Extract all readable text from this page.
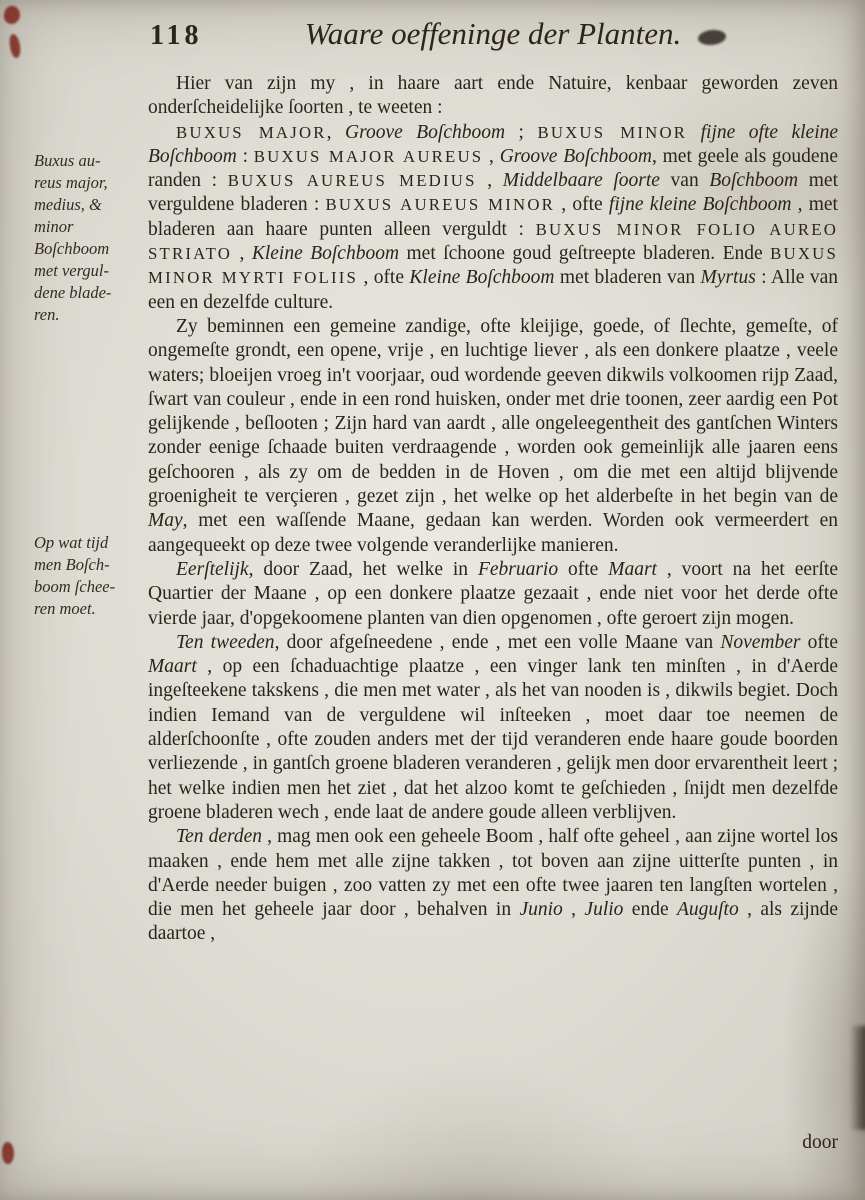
118	Waare oeffeninge der Planten.
Buxus au-
reus major,
medius, &
minor
Boſchboom
met vergul-
dene blade-
ren.
Op wat tijd
men Boſch-
boom ſchee-
ren moet.

Hier van zijn my , in haare aart ende Natuire, kenbaar geworden zeven onderſcheidelijke ſoorten , te weeten :

BUXUS MAJOR, Groove Boſchboom ; BUXUS MINOR fijne ofte kleine Boſchboom : BUXUS MAJOR AUREUS , Groove Boſchboom, met geele als goudene randen : BUXUS AUREUS MEDIUS , Middelbaare ſoorte van Boſchboom met verguldene bladeren : BUXUS AUREUS MINOR , ofte fijne kleine Boſchboom , met bladeren aan haare punten alleen verguldt : BUXUS MINOR FOLIO AUREO STRIATO , Kleine Boſchboom met ſchoone goud geſtreepte bladeren. Ende BUXUS MINOR MYRTI FOLIIS , ofte Kleine Boſchboom met bladeren van Myrtus : Alle van een en dezelfde culture.

Zy beminnen een gemeine zandige, ofte kleijige, goede, of ſlechte, gemeſte, of ongemeſte grondt, een opene, vrije , en luchtige liever , als een donkere plaatze , veele waters; bloeijen vroeg in't voorjaar, oud wordende geeven dikwils volkoomen rijp Zaad, ſwart van couleur , ende in een rond huisken, onder met drie toonen, zeer aardig een Pot gelijkende , beſlooten ; Zijn hard van aardt , alle ongeleegentheit des gantſchen Winters zonder eenige ſchaade buiten verdraagende , worden ook gemeinlijk alle jaaren eens geſchooren , als zy om de bedden in de Hoven , om die met een altijd blijvende groenigheit te verçieren , gezet zijn , het welke op het alderbeſte in het begin van de May, met een waſſende Maane, gedaan kan werden. Worden ook vermeerdert en aangequeekt op deze twee volgende veranderlijke manieren.

Eerſtelijk, door Zaad, het welke in Februario ofte Maart , voort na het eerſte Quartier der Maane , op een donkere plaatze gezaait , ende niet voor het derde ofte vierde jaar, d'opgekoomene planten van dien opgenomen , ofte geroert zijn mogen.

Ten tweeden, door afgeſneedene , ende , met een volle Maane van November ofte Maart , op een ſchaduachtige plaatze , een vinger lank ten minſten , in d'Aerde ingeſteekene takskens , die men met water , als het van nooden is , dikwils begiet. Doch indien Iemand van de verguldene wil inſteeken , moet daar toe neemen de alderſchoonſte , ofte zouden anders met der tijd veranderen ende haare goude boorden verliezende , in gantſch groene bladeren veranderen , gelijk men door ervarentheit leert ; het welke indien men het ziet , dat het alzoo komt te geſchieden , ſnijdt men dezelfde groene bladeren wech , ende laat de andere goude alleen verblijven.

Ten derden , mag men ook een geheele Boom , half ofte geheel , aan zijne wortel los maaken , ende hem met alle zijne takken , tot boven aan zijne uitterſte punten , in d'Aerde needer buigen , zoo vatten zy met een ofte twee jaaren ten langſten wortelen , die men het geheele jaar door , behalven in Junio , Julio ende Auguſto , als zijnde daartoe ,

door
